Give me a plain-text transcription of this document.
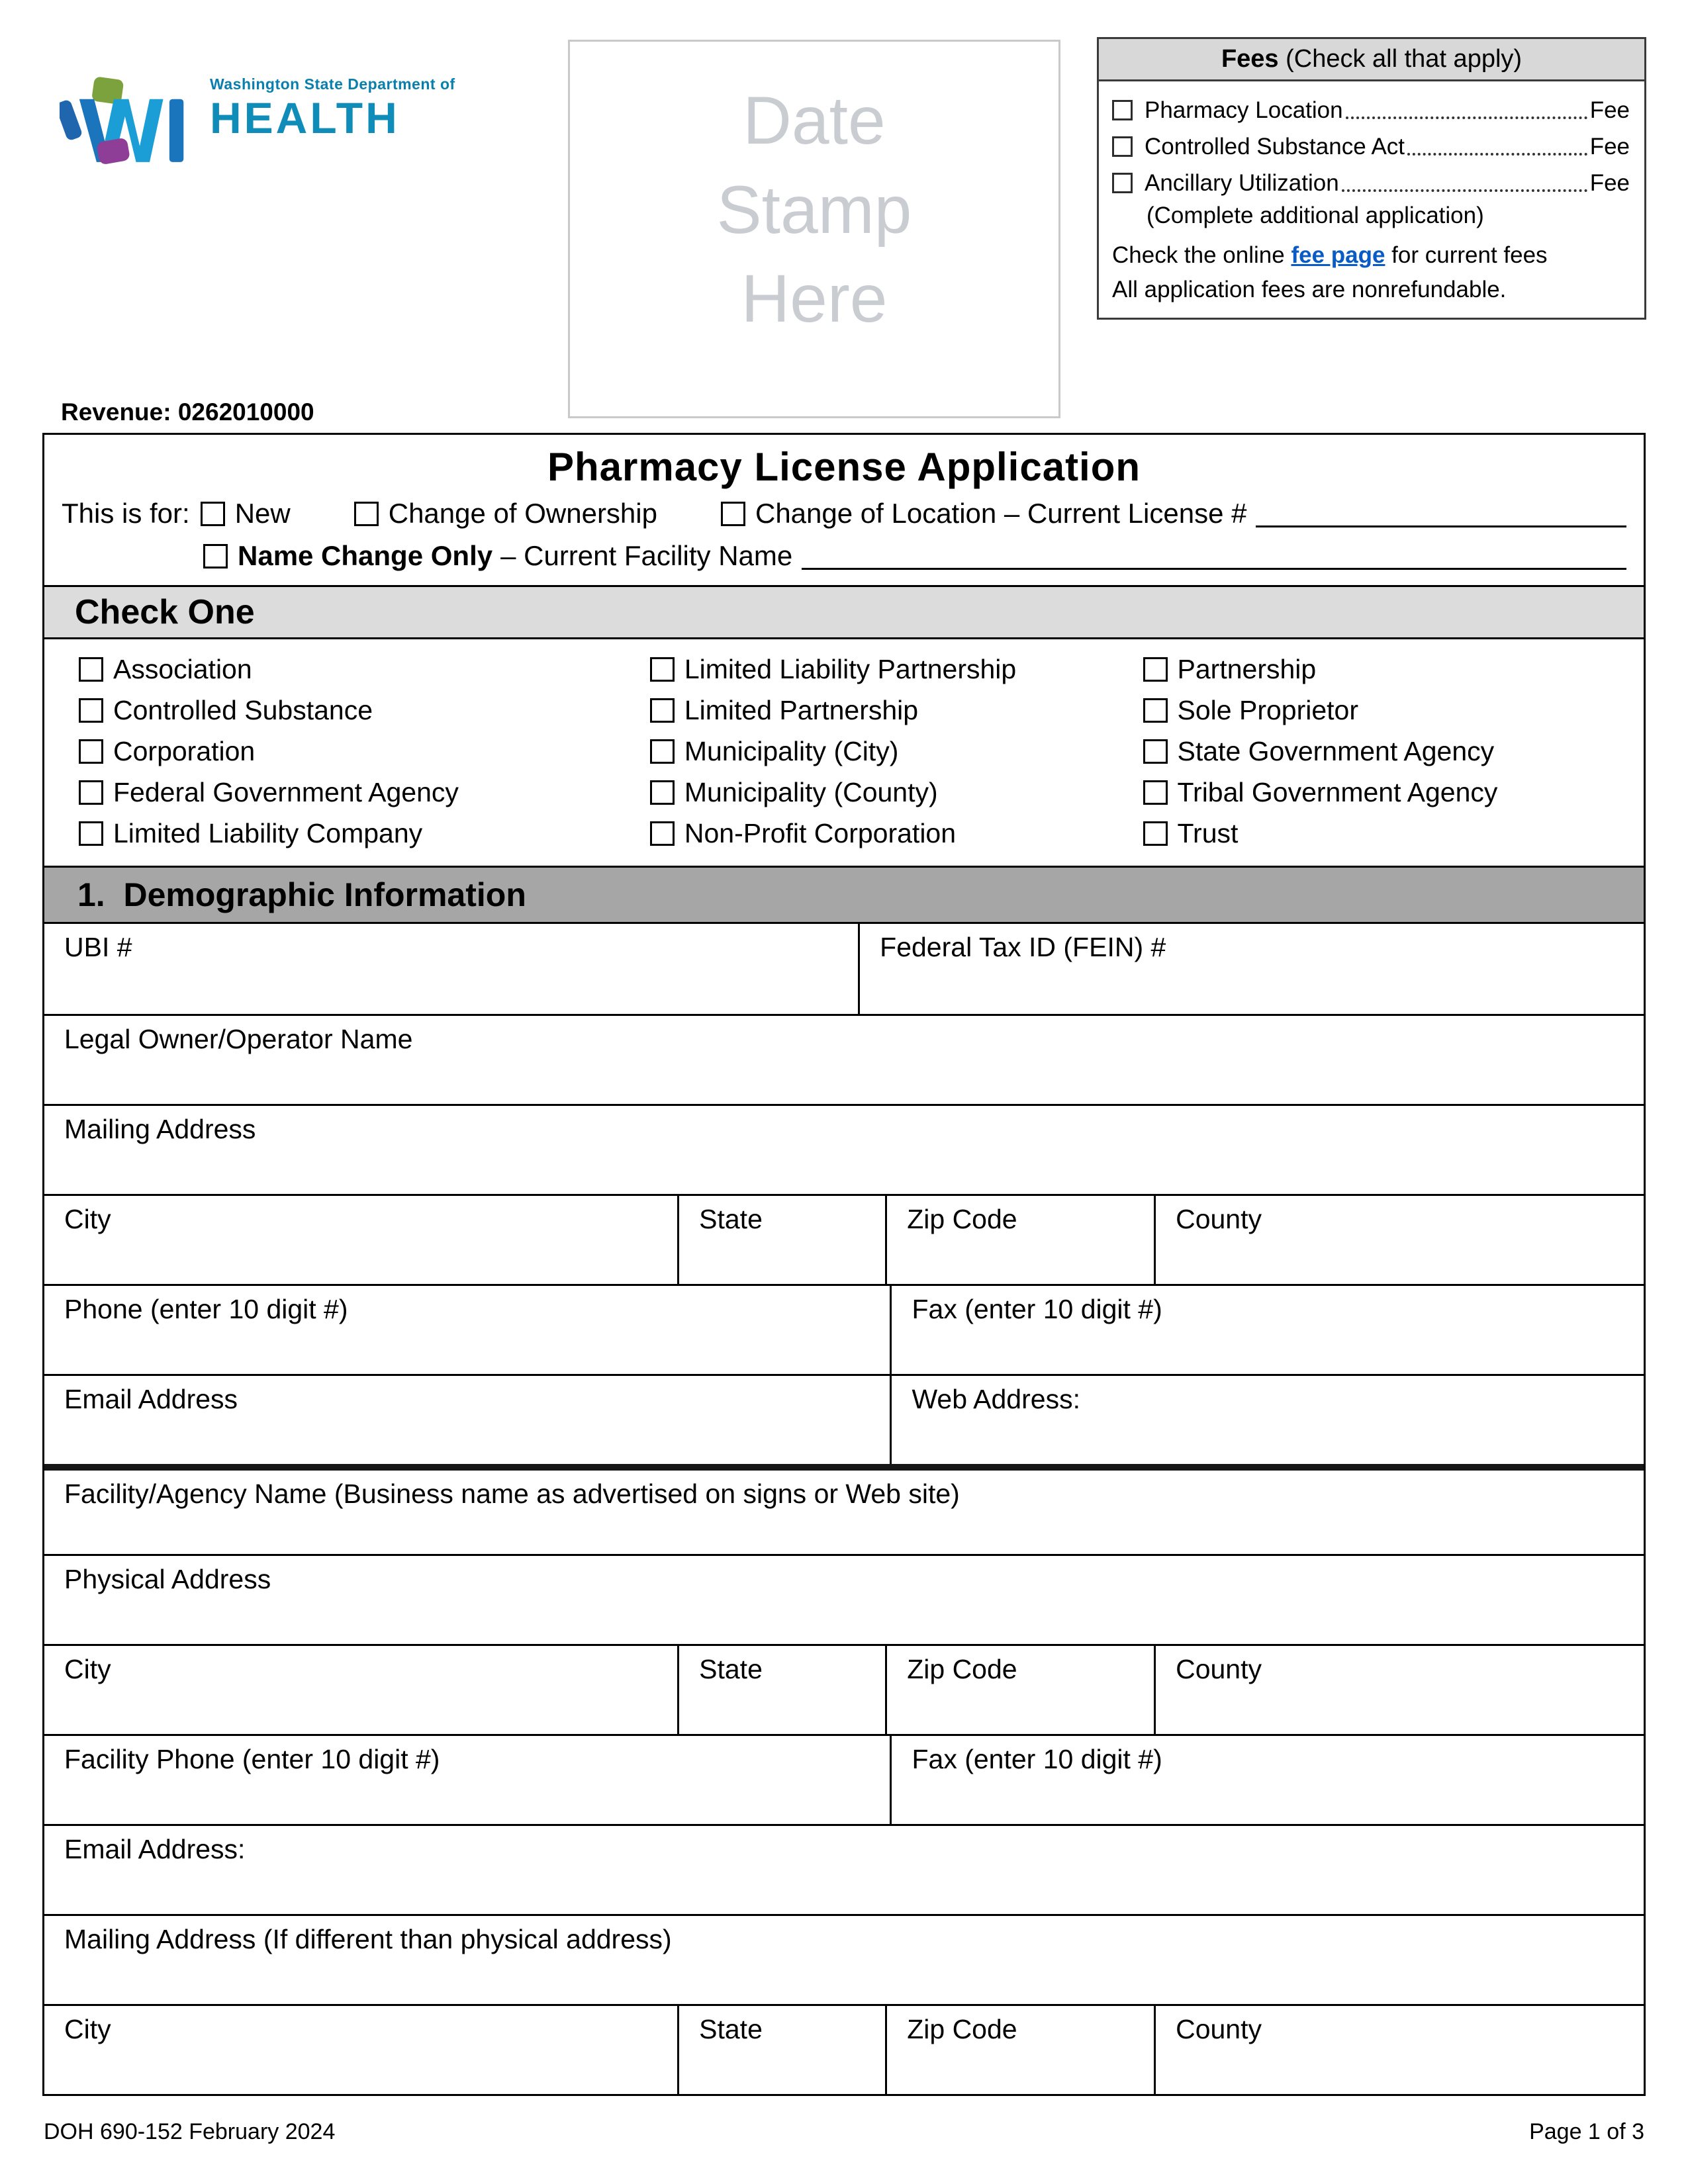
Washington State Department of
HEALTH	Date
Stamp
Here
Fees (Check all that apply)
Pharmacy Location	Fee
Controlled Substance Act	Fee
Ancillary Utilization	Fee
(Complete additional application)
Check the online fee page for current fees
All application fees are nonrefundable.
Revenue: 0262010000
Pharmacy License Application
This is for: New	Change of Ownership	Change of Location – Current License #
Name Change Only – Current Facility Name
Check One
Association
Controlled Substance
Corporation
Federal Government Agency
Limited Liability Company
Limited Liability Partnership
Limited Partnership
Municipality (City)
Municipality (County)
Non-Profit Corporation
Partnership
Sole Proprietor
State Government Agency
Tribal Government Agency
Trust
1.  Demographic Information
UBI #	Federal Tax ID (FEIN) #
Legal Owner/Operator Name
Mailing Address
City	State	Zip Code	County
Phone (enter 10 digit #)	Fax (enter 10 digit #)
Email Address	Web Address:
Facility/Agency Name (Business name as advertised on signs or Web site)
Physical Address
City	State	Zip Code	County
Facility Phone (enter 10 digit #)	Fax (enter 10 digit #)
Email Address:
Mailing Address (If different than physical address)
City	State	Zip Code	County
DOH 690-152 February 2024	Page 1 of 3
